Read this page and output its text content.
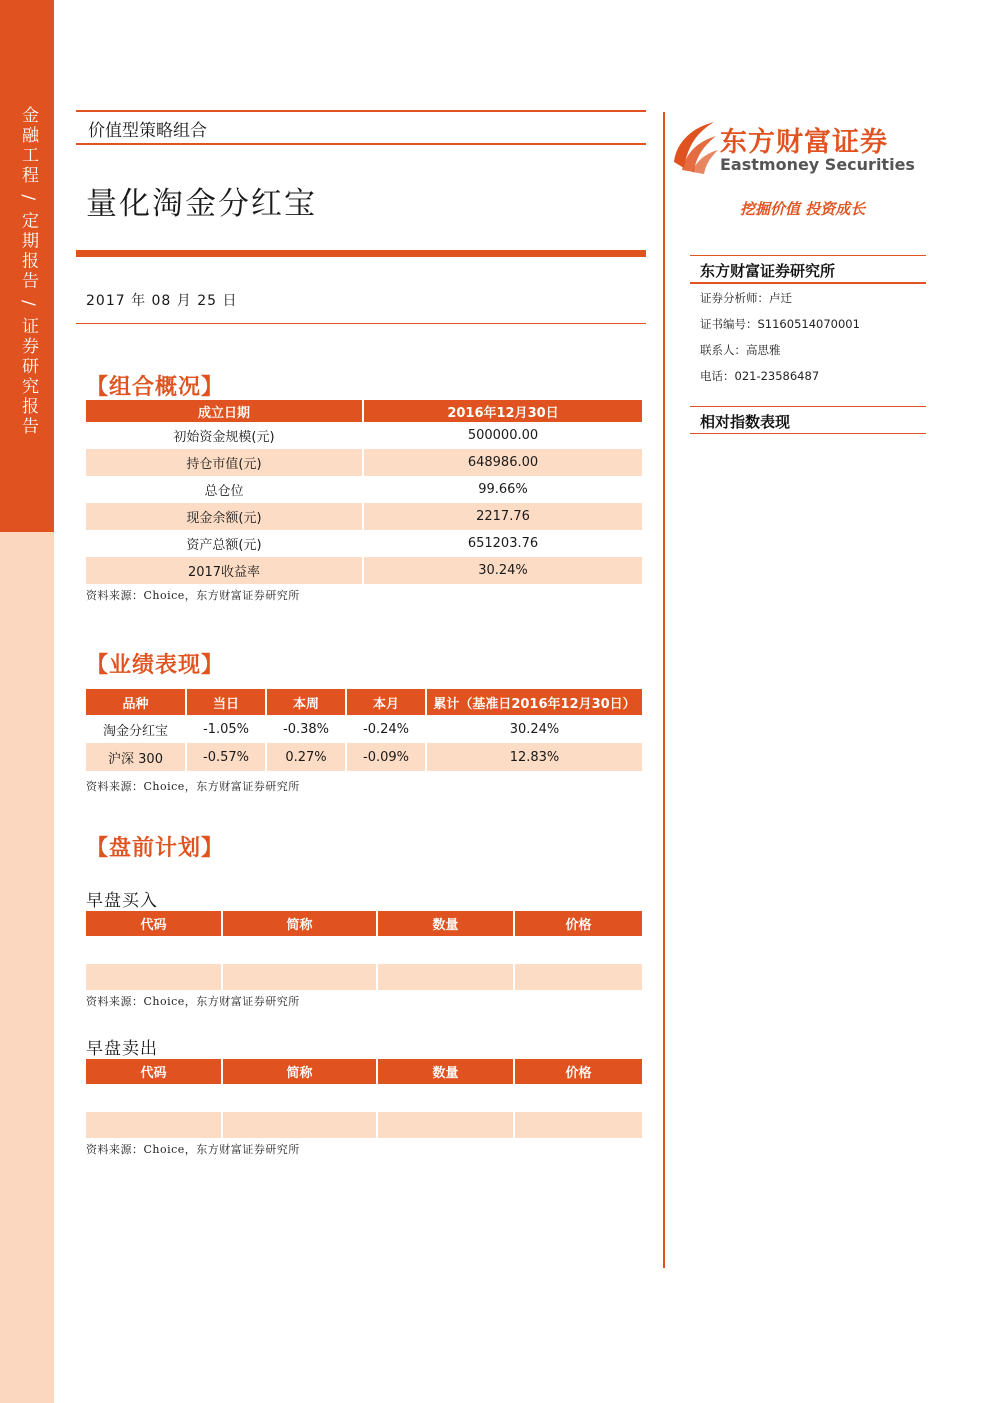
金融工程 / 定期报告 / 证券研究报告	价值型策略组合
量化淘金分红宝
2017 年 08 月 25 日
【组合概况】
成立日期	2016年12月30日
初始资金规模(元)	500000.00
持仓市值(元)	648986.00
总仓位	99.66%
现金余额(元)	2217.76
资产总额(元)	651203.76
2017收益率	30.24%
资料来源：Choice，东方财富证券研究所
【业绩表现】
品种	当日	本周	本月	累计（基准日2016年12月30日）
淘金分红宝	-1.05%	-0.38%	-0.24%	30.24%
沪深 300	-0.57%	0.27%	-0.09%	12.83%
资料来源：Choice，东方财富证券研究所
【盘前计划】
早盘买入
代码	简称	数量	价格
资料来源：Choice，东方财富证券研究所
早盘卖出
代码	简称	数量	价格
资料来源：Choice，东方财富证券研究所
东方财富证券
Eastmoney Securities
挖掘价值 投资成长
东方财富证券研究所
证券分析师：卢迁
证书编号：S1160514070001
联系人：高思雅
电话：021-23586487
相对指数表现
